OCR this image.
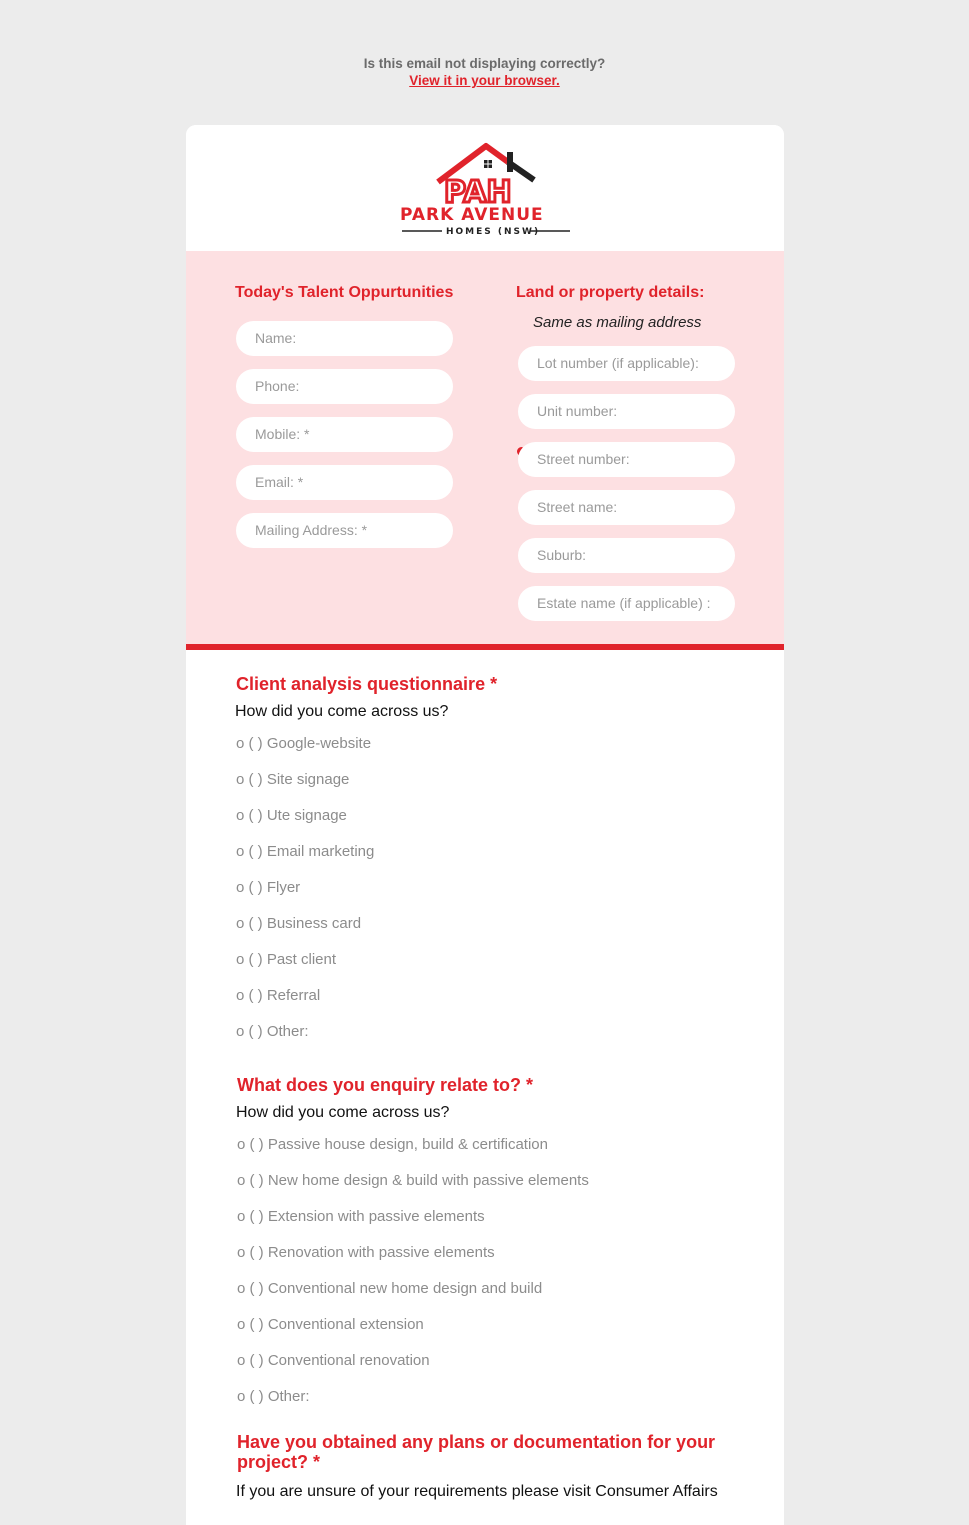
Is this email not displaying correctly?
View it in your browser.
PAH
PARK AVENUE
HOMES (NSW)
Today's Talent Oppurtunities
Name:
Phone:
Mobile: *
Email: *
Mailing Address: *
Land or property details:
Same as mailing address
Lot number (if applicable):
Unit number:
Street number:
Street name:
Suburb:
Estate name (if applicable) :
Client analysis questionnaire *
How did you come across us?
o ( ) Google-website
o ( ) Site signage
o ( ) Ute signage
o ( ) Email marketing
o ( ) Flyer
o ( ) Business card
o ( ) Past client
o ( ) Referral
o ( ) Other:
What does you enquiry relate to? *
How did you come across us?
o ( ) Passive house design, build & certification
o ( ) New home design & build with passive elements
o ( ) Extension with passive elements
o ( ) Renovation with passive elements
o ( ) Conventional new home design and build
o ( ) Conventional extension
o ( ) Conventional renovation
o ( ) Other:
Have you obtained any plans or documentation for your project? *
If you are unsure of your requirements please visit Consumer Affairs
